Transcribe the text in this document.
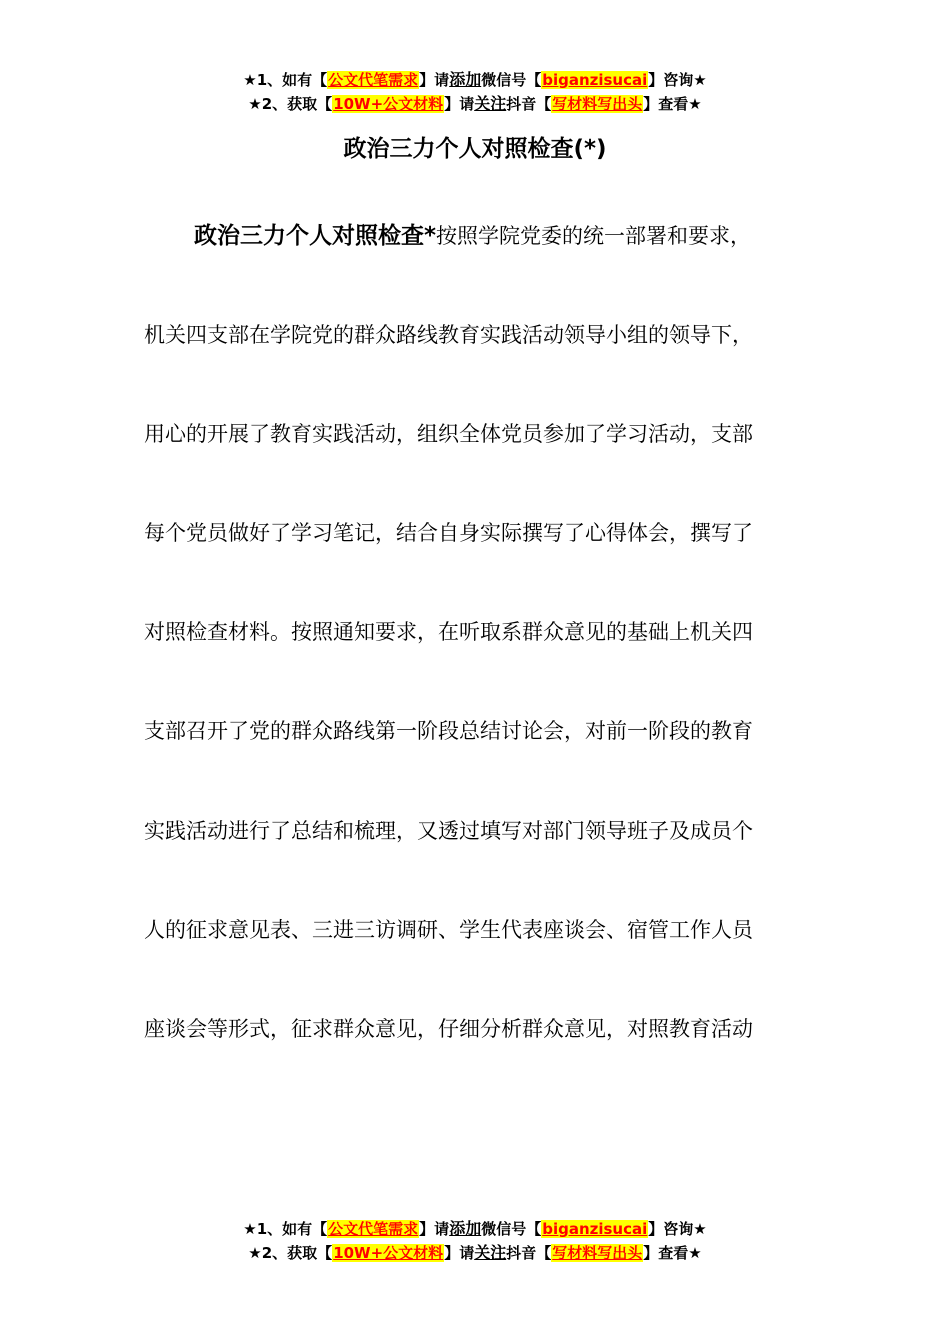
★1、如有【公文代笔需求】请添加微信号【biganzisucai】咨询★
★2、获取【10W+公文材料】请关注抖音【写材料写出头】查看★
政治三力个人对照检查(*)
政治三力个人对照检查*按照学院党委的统一部署和要求，
机关四支部在学院党的群众路线教育实践活动领导小组的领导下，
用心的开展了教育实践活动，组织全体党员参加了学习活动，支部
每个党员做好了学习笔记，结合自身实际撰写了心得体会，撰写了
对照检查材料。按照通知要求，在听取系群众意见的基础上机关四
支部召开了党的群众路线第一阶段总结讨论会，对前一阶段的教育
实践活动进行了总结和梳理，又透过填写对部门领导班子及成员个
人的征求意见表、三进三访调研、学生代表座谈会、宿管工作人员
座谈会等形式，征求群众意见，仔细分析群众意见，对照教育活动
★1、如有【公文代笔需求】请添加微信号【biganzisucai】咨询★
★2、获取【10W+公文材料】请关注抖音【写材料写出头】查看★
